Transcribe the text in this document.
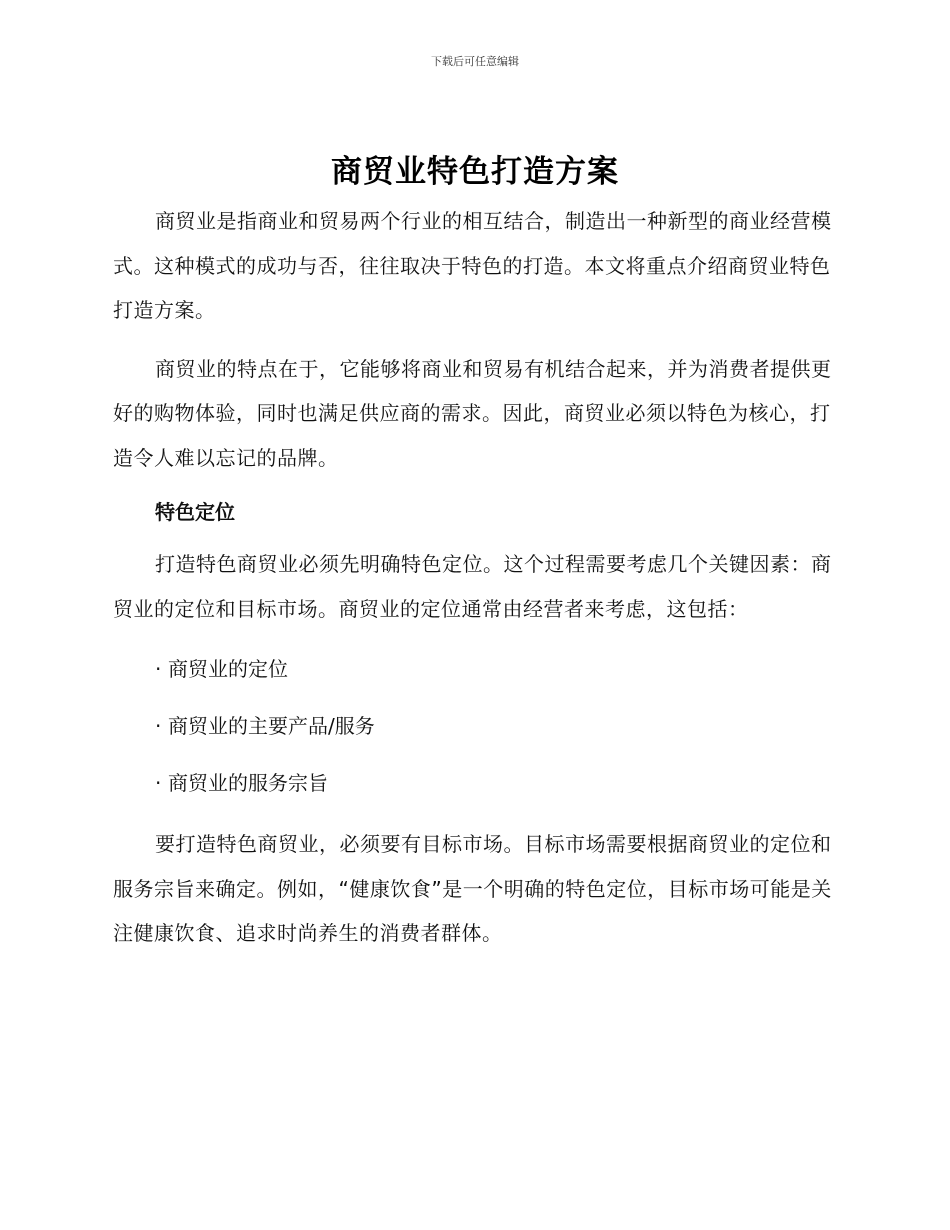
下载后可任意编辑
商贸业特色打造方案

商贸业是指商业和贸易两个行业的相互结合，制造出一种新型的商业经营模式。这种模式的成功与否，往往取决于特色的打造。本文将重点介绍商贸业特色打造方案。

商贸业的特点在于，它能够将商业和贸易有机结合起来，并为消费者提供更好的购物体验，同时也满足供应商的需求。因此，商贸业必须以特色为核心，打造令人难以忘记的品牌。

特色定位

打造特色商贸业必须先明确特色定位。这个过程需要考虑几个关键因素：商贸业的定位和目标市场。商贸业的定位通常由经营者来考虑，这包括：

· 商贸业的定位
· 商贸业的主要产品/服务
· 商贸业的服务宗旨

要打造特色商贸业，必须要有目标市场。目标市场需要根据商贸业的定位和服务宗旨来确定。例如，“健康饮食”是一个明确的特色定位，目标市场可能是关注健康饮食、追求时尚养生的消费者群体。
